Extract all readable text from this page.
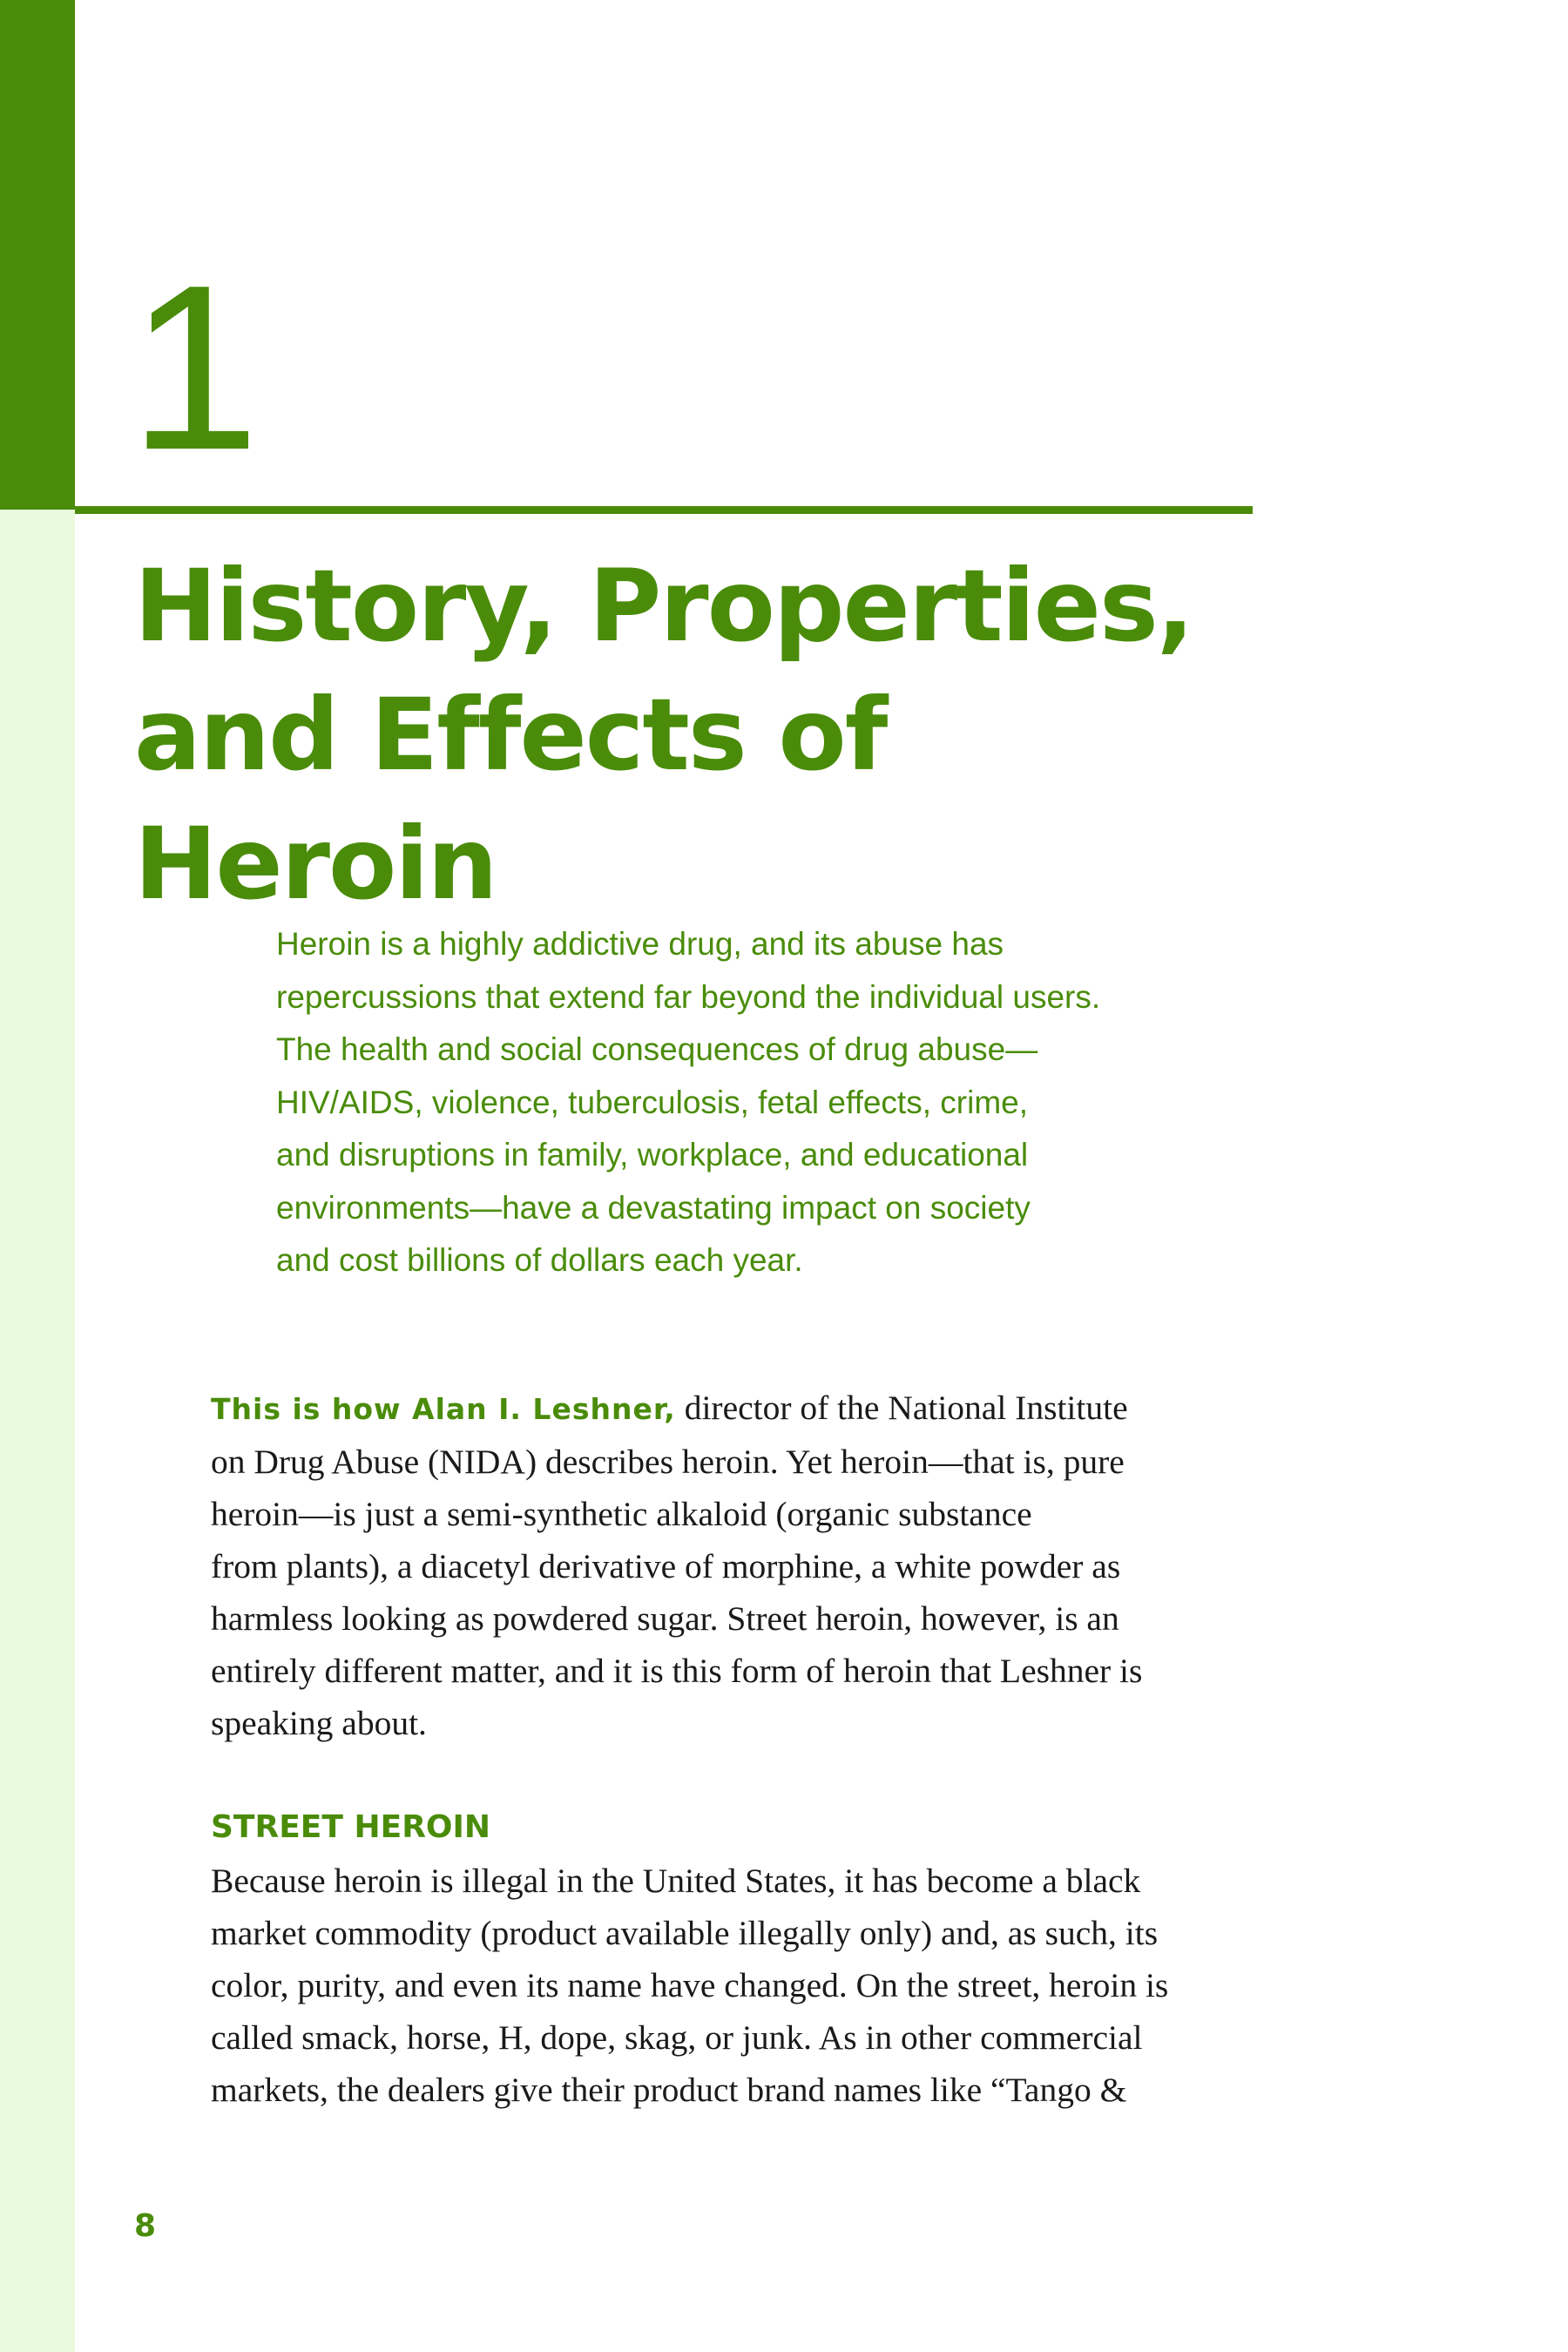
1
History, Properties,
and Effects of Heroin
Heroin is a highly addictive drug, and its abuse has
repercussions that extend far beyond the individual users.
The health and social consequences of drug abuse—
HIV/AIDS, violence, tuberculosis, fetal effects, crime,
and disruptions in family, workplace, and educational
environments—have a devastating impact on society
and cost billions of dollars each year.
This is how Alan I. Leshner, director of the National Institute
on Drug Abuse (NIDA) describes heroin. Yet heroin—that is, pure
heroin—is just a semi-synthetic alkaloid (organic substance
from plants), a diacetyl derivative of morphine, a white powder as
harmless looking as powdered sugar. Street heroin, however, is an
entirely different matter, and it is this form of heroin that Leshner is
speaking about.
STREET HEROIN
Because heroin is illegal in the United States, it has become a black
market commodity (product available illegally only) and, as such, its
color, purity, and even its name have changed. On the street, heroin is
called smack, horse, H, dope, skag, or junk. As in other commercial
markets, the dealers give their product brand names like “Tango &
8
